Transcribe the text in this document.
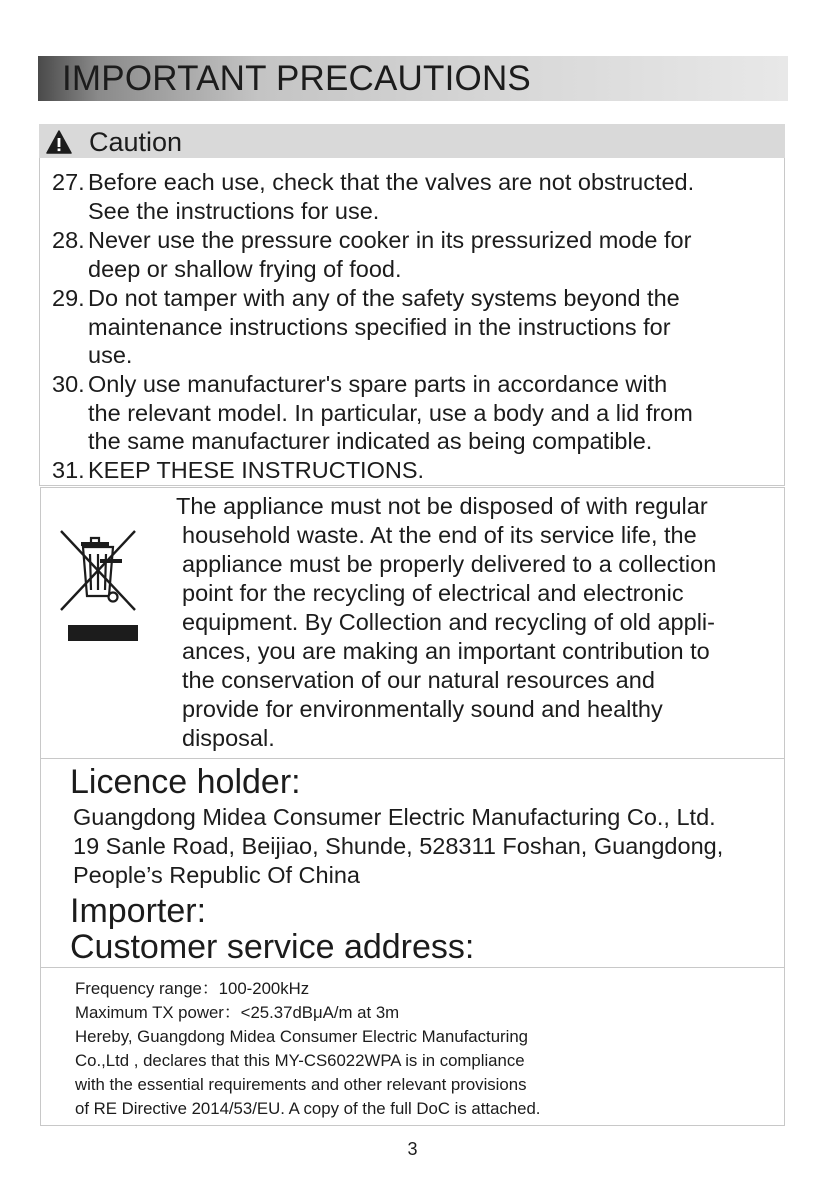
IMPORTANT PRECAUTIONS
Caution
27. Before each use, check that the valves are not obstructed.
See the instructions for use.
28. Never use the pressure cooker in its pressurized mode for
deep or shallow frying of food.
29. Do not tamper with any of the safety systems beyond the
maintenance instructions specified in the instructions for
use.
30. Only use manufacturer's spare parts in accordance with
the relevant model. In particular, use a body and a lid from
the same manufacturer indicated as being compatible.
31. KEEP THESE INSTRUCTIONS.
The appliance must not be disposed of with regular
household waste. At the end of its service life, the
appliance must be properly delivered to a collection
point for the recycling of electrical and electronic
equipment. By Collection and recycling of old appli-
ances, you are making an important contribution to
the conservation of our natural resources and
provide for environmentally sound and healthy
disposal.
Licence holder:
Guangdong Midea Consumer Electric Manufacturing Co., Ltd.
19 Sanle Road, Beijiao, Shunde, 528311 Foshan, Guangdong,
People’s Republic Of China
Importer:
Customer service address:
Frequency range：100-200kHz
Maximum TX power：<25.37dBμA/m at 3m
Hereby, Guangdong Midea Consumer Electric Manufacturing
Co.,Ltd , declares that this MY-CS6022WPA is in compliance
with the essential requirements and other relevant provisions
of RE Directive 2014/53/EU. A copy of the full DoC is attached.
3
